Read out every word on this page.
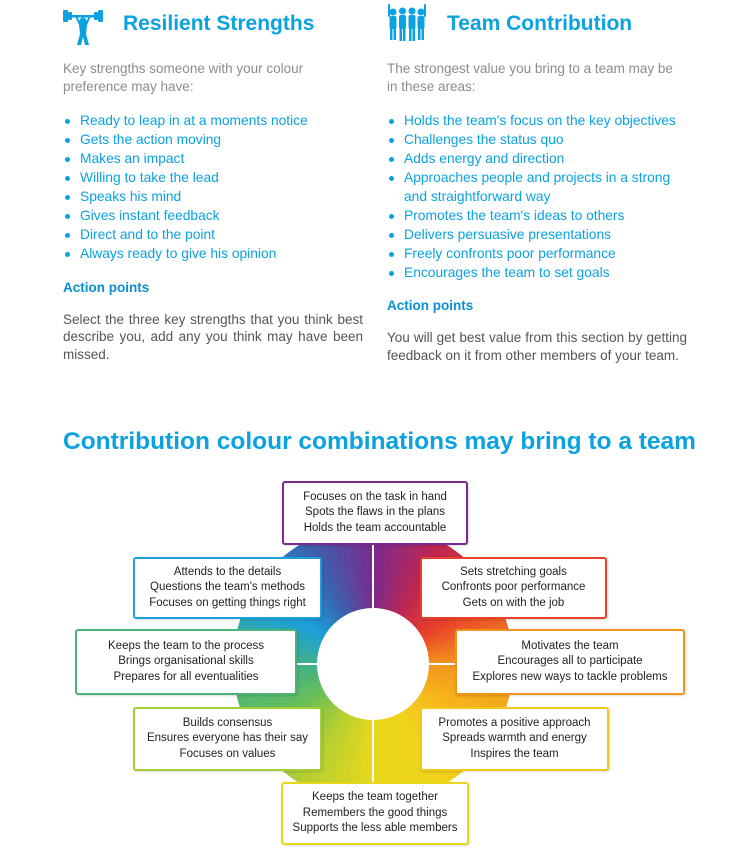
Resilient Strengths

Key strengths someone with your colour preference may have:

Ready to leap in at a moments notice
Gets the action moving
Makes an impact
Willing to take the lead
Speaks his mind
Gives instant feedback
Direct and to the point
Always ready to give his opinion
Action points

Select the three key strengths that you think best describe you, add any you think may have been missed.

Team Contribution

The strongest value you bring to a team may be in these areas:

Holds the team's focus on the key objectives
Challenges the status quo
Adds energy and direction
Approaches people and projects in a strong and straightforward way
Promotes the team's ideas to others
Delivers persuasive presentations
Freely confronts poor performance
Encourages the team to set goals
Action points

You will get best value from this section by getting feedback on it from other members of your team.

Contribution colour combinations may bring to a team
Focuses on the task in hand
Spots the flaws in the plans
Holds the team accountable
Sets stretching goals
Confronts poor performance
Gets on with the job
Motivates the team
Encourages all to participate
Explores new ways to tackle problems
Promotes a positive approach
Spreads warmth and energy
Inspires the team
Keeps the team together
Remembers the good things
Supports the less able members
Builds consensus
Ensures everyone has their say
Focuses on values
Keeps the team to the process
Brings organisational skills
Prepares for all eventualities
Attends to the details
Questions the team's methods
Focuses on getting things right
